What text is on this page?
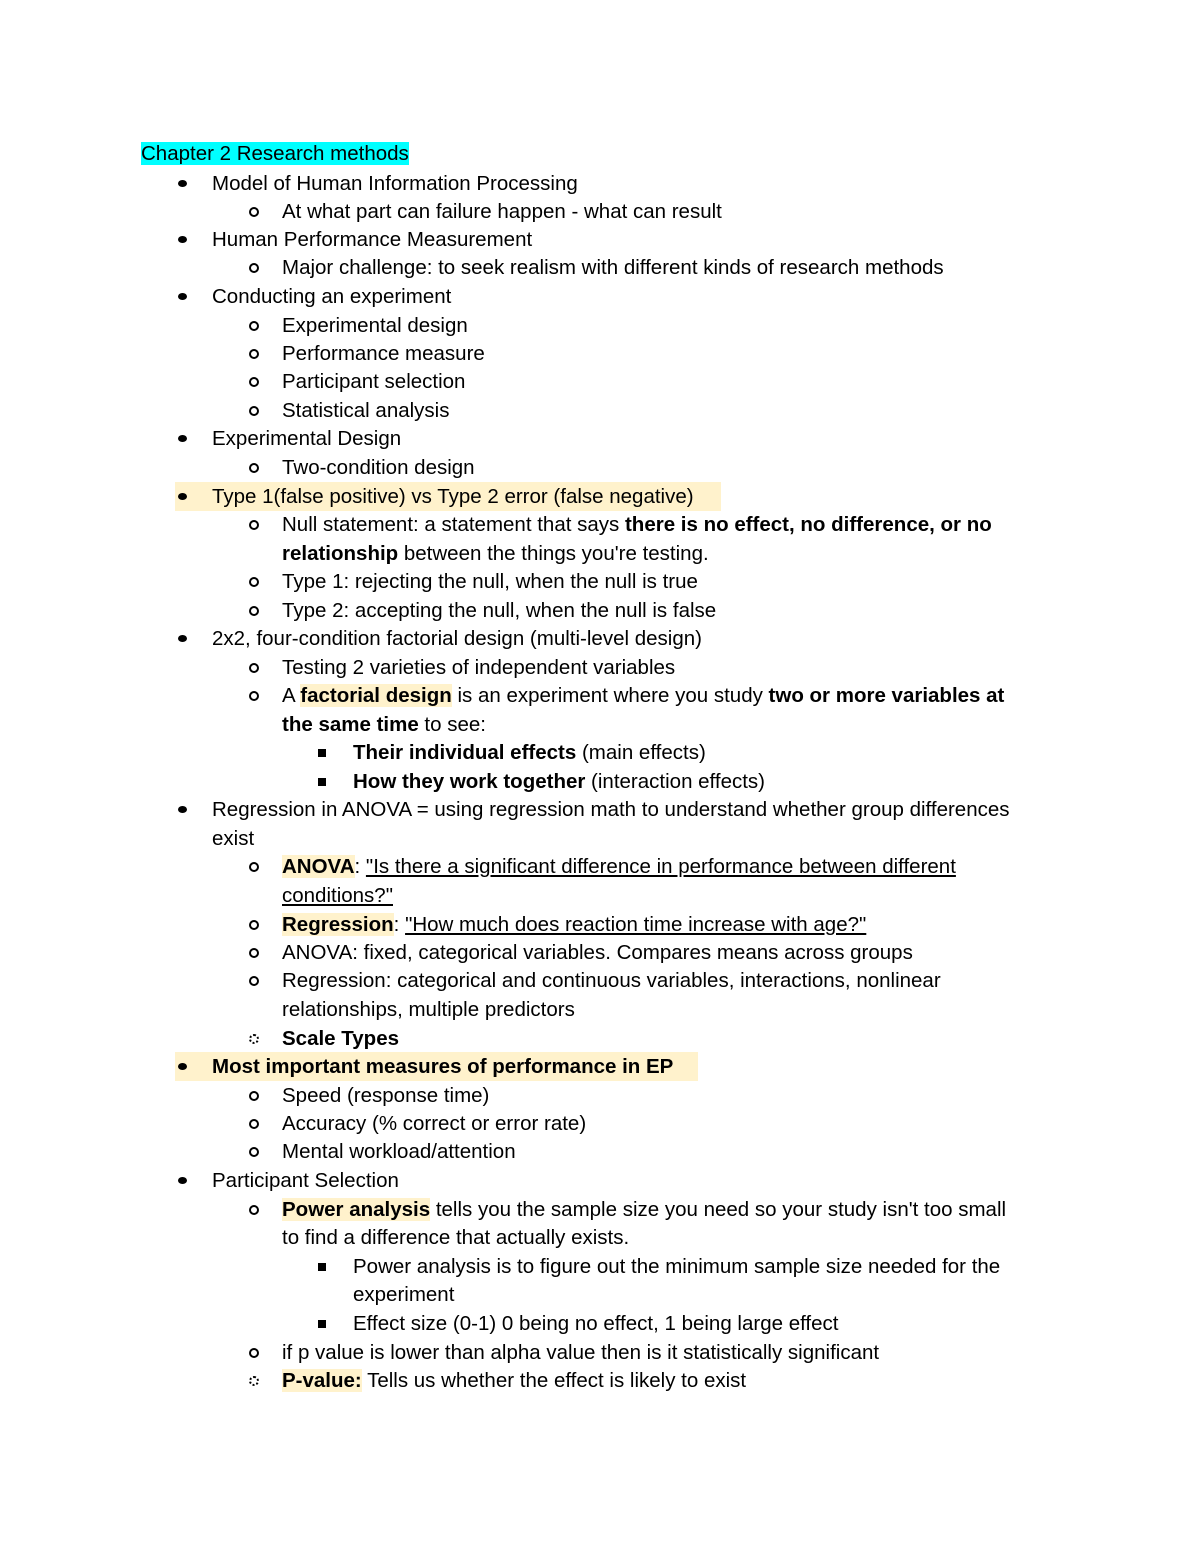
Chapter 2 Research methods
Model of Human Information Processing
At what part can failure happen - what can result
Human Performance Measurement
Major challenge: to seek realism with different kinds of research methods
Conducting an experiment
Experimental design
Performance measure
Participant selection
Statistical analysis
Experimental Design
Two-condition design
Type 1(false positive) vs Type 2 error (false negative)
Null statement: a statement that says there is no effect, no difference, or no
relationship between the things you're testing.
Type 1: rejecting the null, when the null is true
Type 2: accepting the null, when the null is false
2x2, four-condition factorial design (multi-level design)
Testing 2 varieties of independent variables
A factorial design is an experiment where you study two or more variables at
the same time to see:
Their individual effects (main effects)
How they work together (interaction effects)
Regression in ANOVA = using regression math to understand whether group differences
exist
ANOVA: "Is there a significant difference in performance between different
conditions?"
Regression: "How much does reaction time increase with age?"
ANOVA: fixed, categorical variables. Compares means across groups
Regression: categorical and continuous variables, interactions, nonlinear
relationships, multiple predictors
Scale Types
Most important measures of performance in EP
Speed (response time)
Accuracy (% correct or error rate)
Mental workload/attention
Participant Selection
Power analysis tells you the sample size you need so your study isn't too small
to find a difference that actually exists.
Power analysis is to figure out the minimum sample size needed for the
experiment
Effect size (0-1) 0 being no effect, 1 being large effect
if p value is lower than alpha value then is it statistically significant
P-value: Tells us whether the effect is likely to exist
